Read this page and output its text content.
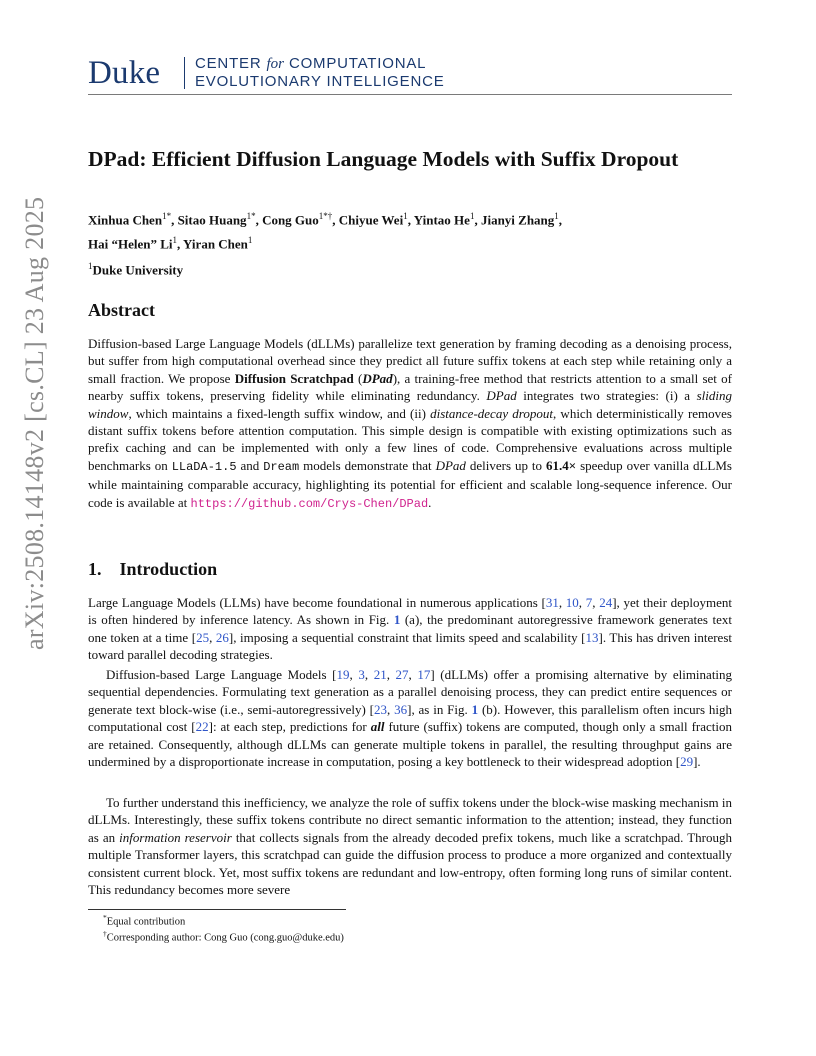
Duke CENTER for COMPUTATIONAL
EVOLUTIONARY INTELLIGENCE
arXiv:2508.14148v2 [cs.CL] 23 Aug 2025
DPad: Efficient Diffusion Language Models with Suffix Dropout
Xinhua Chen$^{1*}$, Sitao Huang$^{1*}$, Cong Guo$^{1*\dagger}$, Chiyue Wei$^1$, Yintao He$^1$, Jianyi Zhang$^1$,
Hai “Helen” Li$^1$, Yiran Chen$^1$
$^1$Duke University
Abstract

Diffusion-based Large Language Models (dLLMs) parallelize text generation by framing decoding as a denoising process, but suffer from high computational overhead since they predict all future suffix tokens at each step while retaining only a small fraction. We propose Diffusion Scratchpad (DPad), a training-free method that restricts attention to a small set of nearby suffix tokens, preserving fidelity while eliminating redundancy. DPad integrates two strategies: (i) a sliding window, which maintains a fixed-length suffix window, and (ii) distance-decay dropout, which deterministically removes distant suffix tokens before attention computation. This simple design is compatible with existing optimizations such as prefix caching and can be implemented with only a few lines of code. Comprehensive evaluations across multiple benchmarks on LLaDA-1.5 and Dream models demonstrate that DPad delivers up to 61.4× speedup over vanilla dLLMs while maintaining comparable accuracy, highlighting its potential for efficient and scalable long-sequence inference. Our code is available at https://github.com/Crys-Chen/DPad.

1. Introduction

Large Language Models (LLMs) have become foundational in numerous applications [31, 10, 7, 24], yet their deployment is often hindered by inference latency. As shown in Fig. 1 (a), the predominant autoregressive framework generates text one token at a time [25, 26], imposing a sequential constraint that limits speed and scalability [13]. This has driven interest toward parallel decoding strategies.

Diffusion-based Large Language Models [19, 3, 21, 27, 17] (dLLMs) offer a promising alternative by eliminating sequential dependencies. Formulating text generation as a parallel denoising process, they can predict entire sequences or generate text block-wise (i.e., semi-autoregressively) [23, 36], as in Fig. 1 (b). However, this parallelism often incurs high computational cost [22]: at each step, predictions for all future (suffix) tokens are computed, though only a small fraction are retained. Consequently, although dLLMs can generate multiple tokens in parallel, the resulting throughput gains are undermined by a disproportionate increase in computation, posing a key bottleneck to their widespread adoption [29].

To further understand this inefficiency, we analyze the role of suffix tokens under the block-wise masking mechanism in dLLMs. Interestingly, these suffix tokens contribute no direct semantic information to the attention; instead, they function as an information reservoir that collects signals from the already decoded prefix tokens, much like a scratchpad. Through multiple Transformer layers, this scratchpad can guide the diffusion process to produce a more organized and contextually consistent current block. Yet, most suffix tokens are redundant and low-entropy, often forming long runs of similar content. This redundancy becomes more severe

*Equal contribution
†Corresponding author: Cong Guo (cong.guo@duke.edu)
